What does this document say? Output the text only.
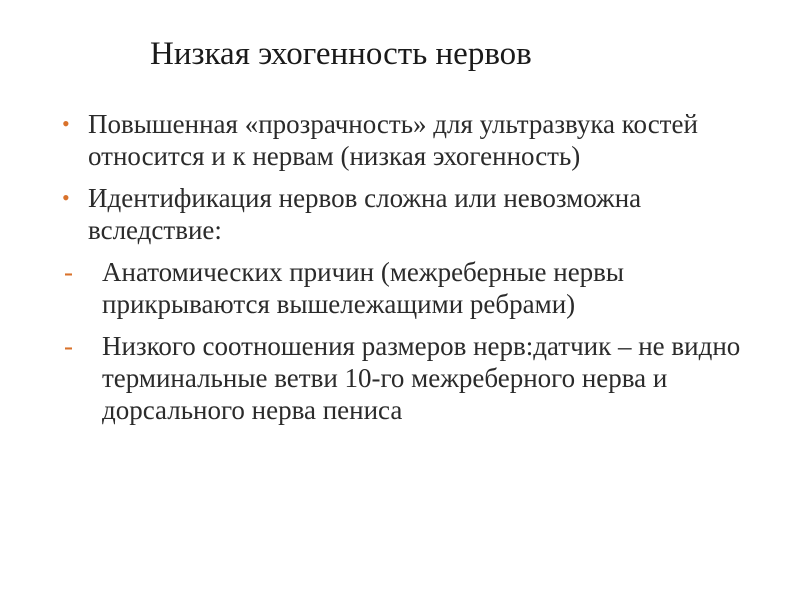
Низкая эхогенность нервов
• Повышенная «прозрачность» для ультразвука костей относится и к нервам (низкая эхогенность)
• Идентификация нервов сложна или невозможна вследствие:
- Анатомических причин (межреберные нервы прикрываются вышележащими ребрами)
- Низкого соотношения размеров нерв:датчик – не видно терминальные ветви 10-го межреберного нерва и дорсального нерва пениса
